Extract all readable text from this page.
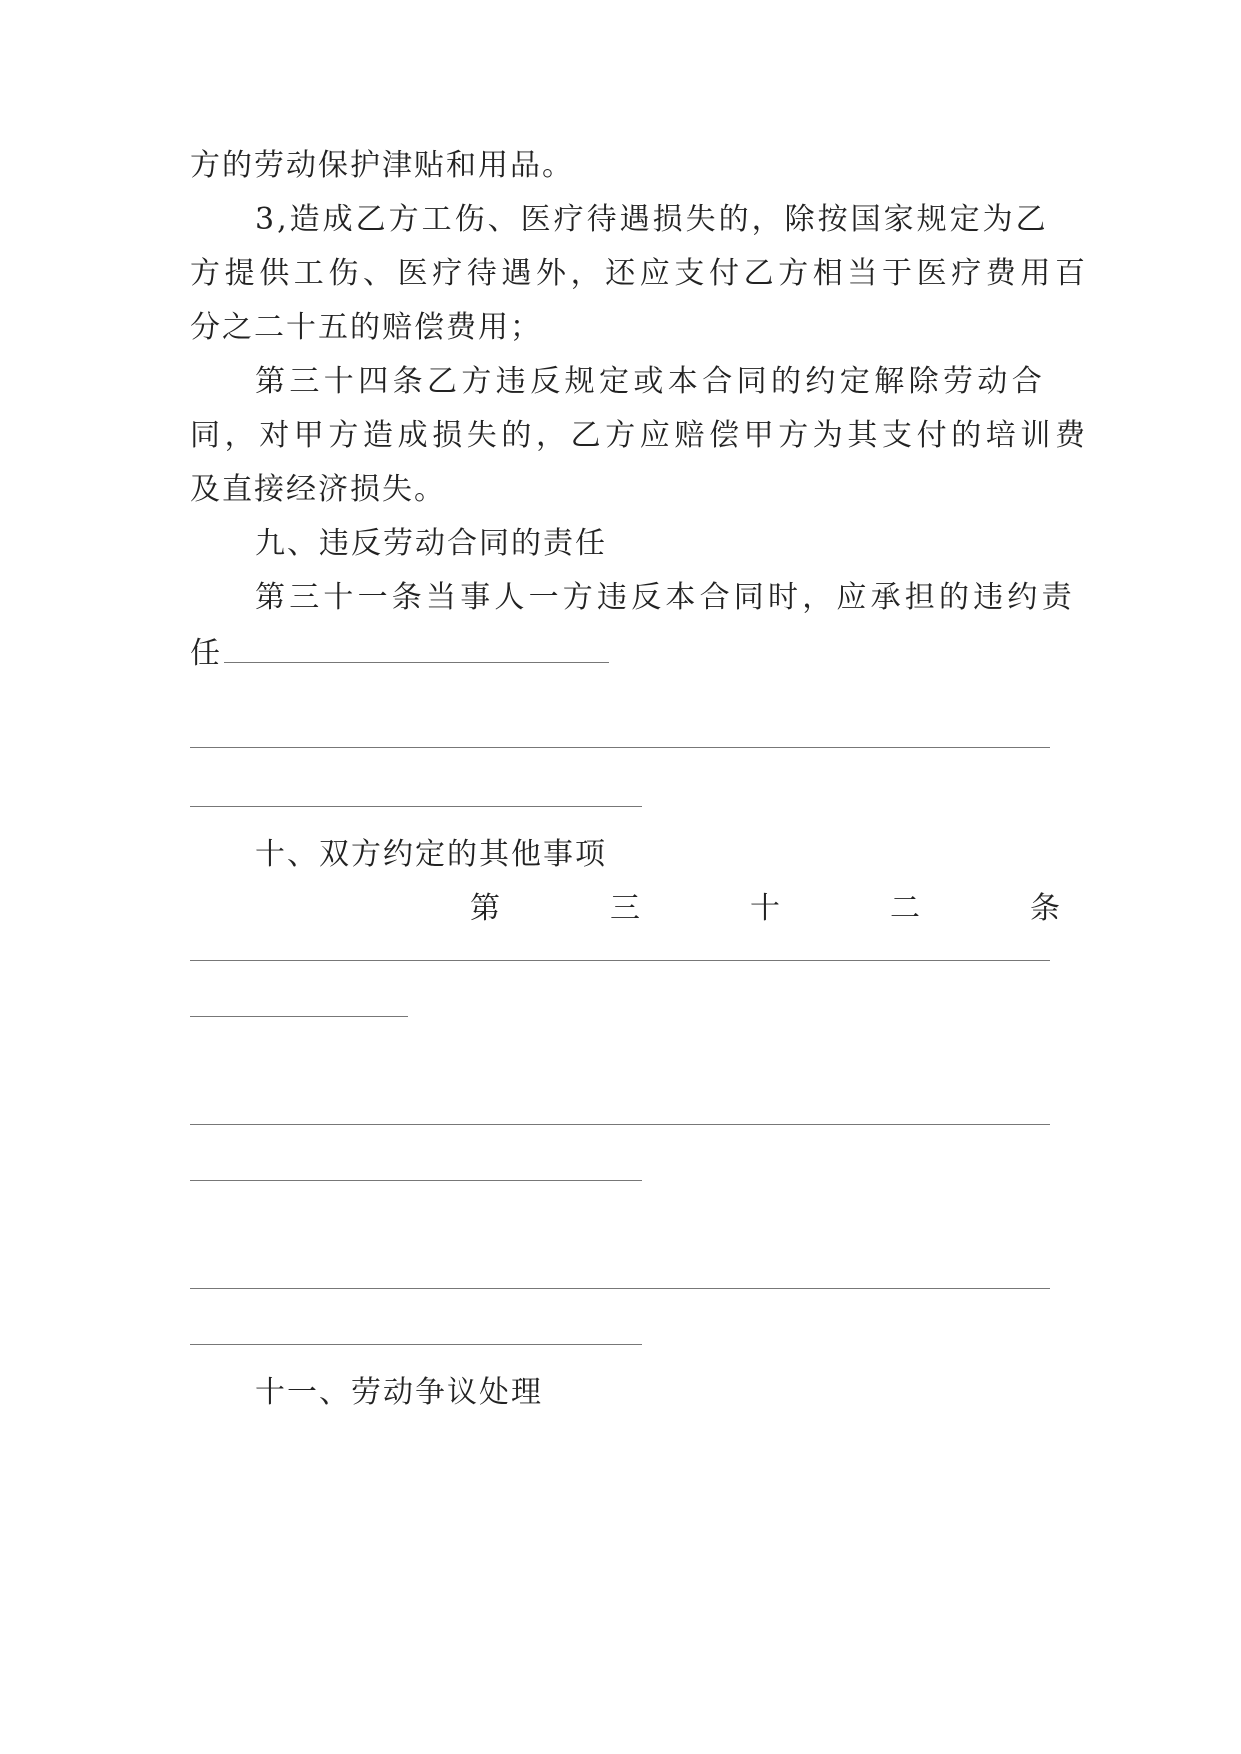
方的劳动保护津贴和用品。
3,造成乙方工伤、医疗待遇损失的，除按国家规定为乙
方提供工伤、医疗待遇外，还应支付乙方相当于医疗费用百
分之二十五的赔偿费用；
第三十四条乙方违反规定或本合同的约定解除劳动合
同，对甲方造成损失的，乙方应赔偿甲方为其支付的培训费
及直接经济损失。
九、违反劳动合同的责任
第三十一条当事人一方违反本合同时，应承担的违约责
任
十、双方约定的其他事项
第	三	十	二	条
十一、劳动争议处理
